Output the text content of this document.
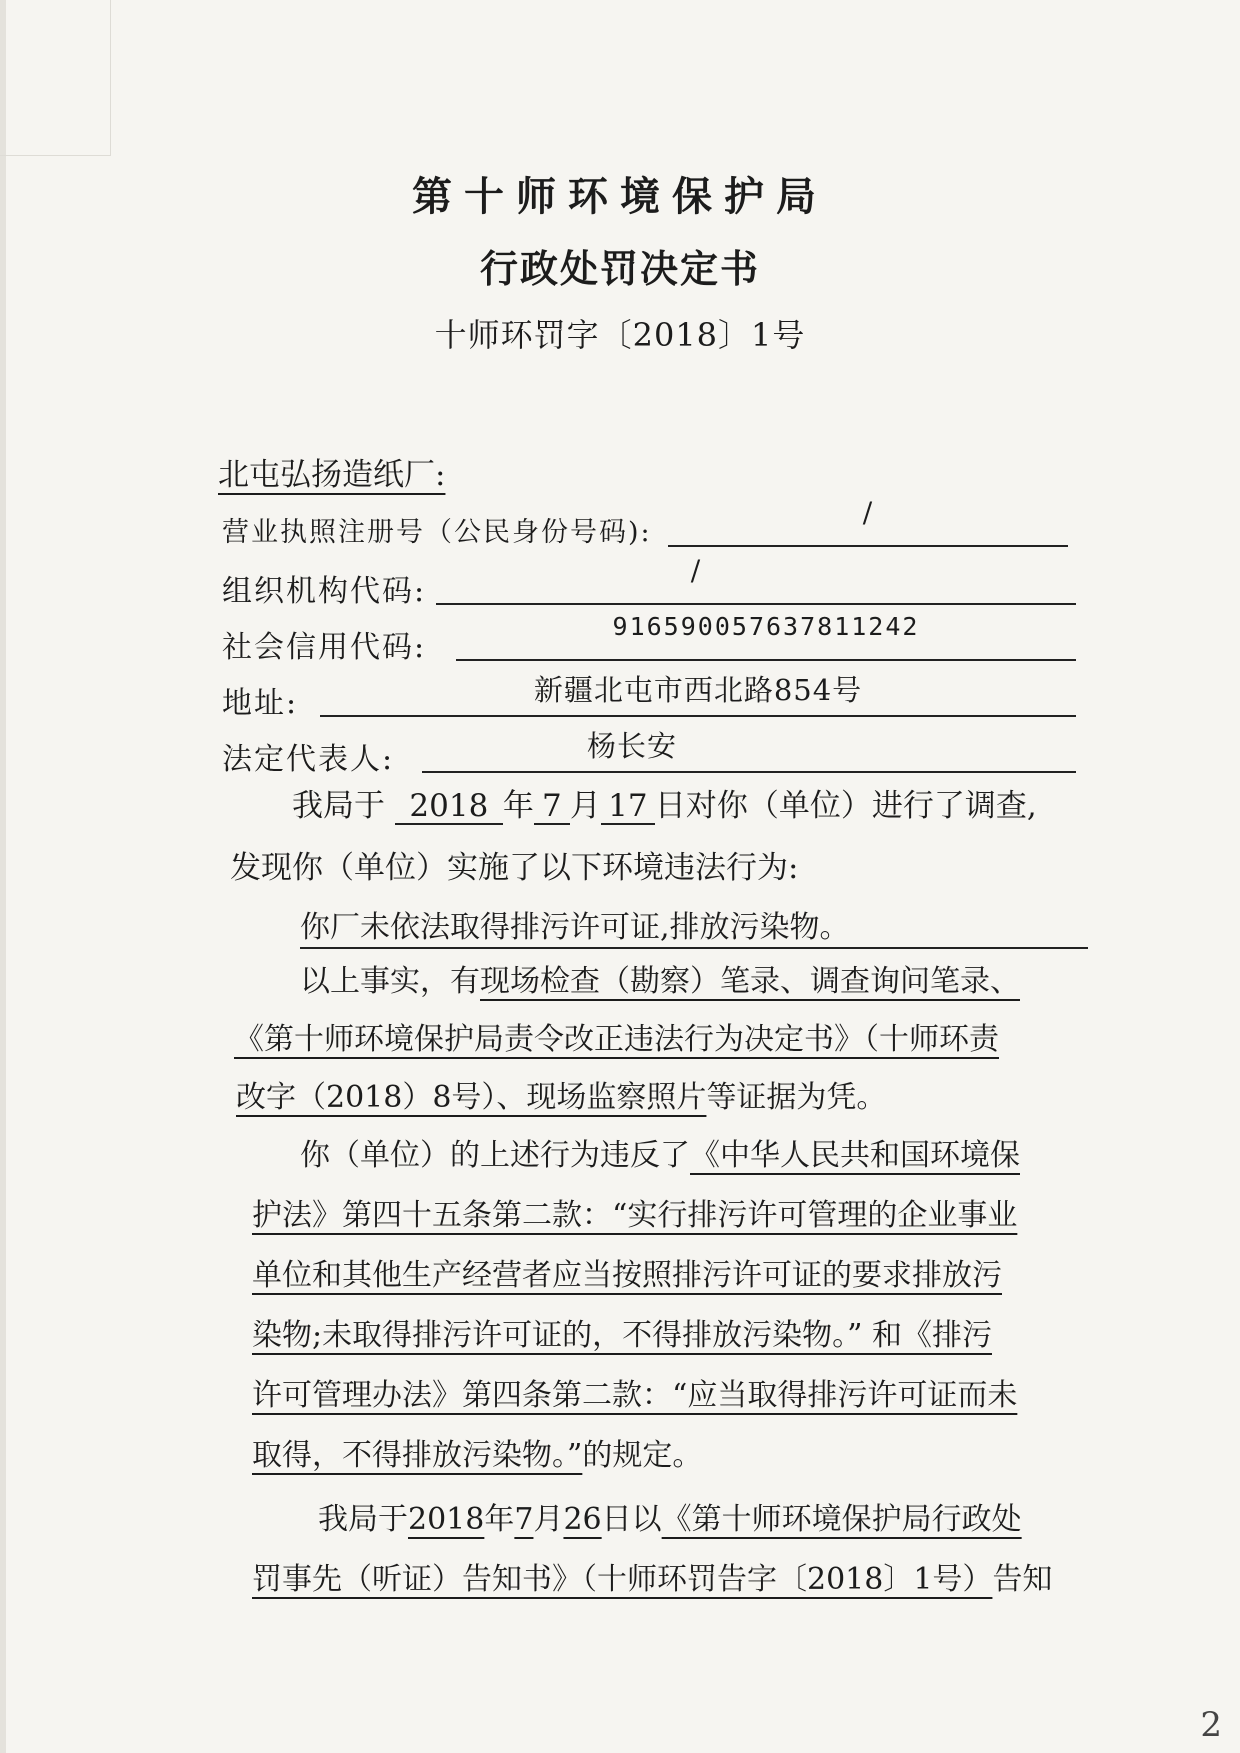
第十师环境保护局
行政处罚决定书
十师环罚字〔2018〕1号
北屯弘扬造纸厂:
营业执照注册号（公民身份号码):
/
组织机构代码:
/
社会信用代码:
91659005763781124​2
地址:	新疆北屯市西北路854号
法定代表人:	杨长安
我局于 2018 年 7 月 17 日对你（单位）进行了调查,
发现你（单位）实施了以下环境违法行为:
你厂未依法取得排污许可证,排放污染物。
以上事实，有现场检查（勘察）笔录、调查询问笔录、
《第十师环境保护局责令改正违法行为决定书》（十师环责
改字（2018）8号）、现场监察照片等证据为凭。
你（单位）的上述行为违反了《中华人民共和国环境保
护法》第四十五条第二款：“实行排污许可管理的企业事业
单位和其他生产经营者应当按照排污许可证的要求排放污
染物;未取得排污许可证的，不得排放污染物。” 和《排污
许可管理办法》第四条第二款：“应当取得排污许可证而未
取得，不得排放污染物。”的规定。
我局于2018年7月26日以《第十师环境保护局行政处
罚事先（听证）告知书》（十师环罚告字〔2018〕1号）告知
2
